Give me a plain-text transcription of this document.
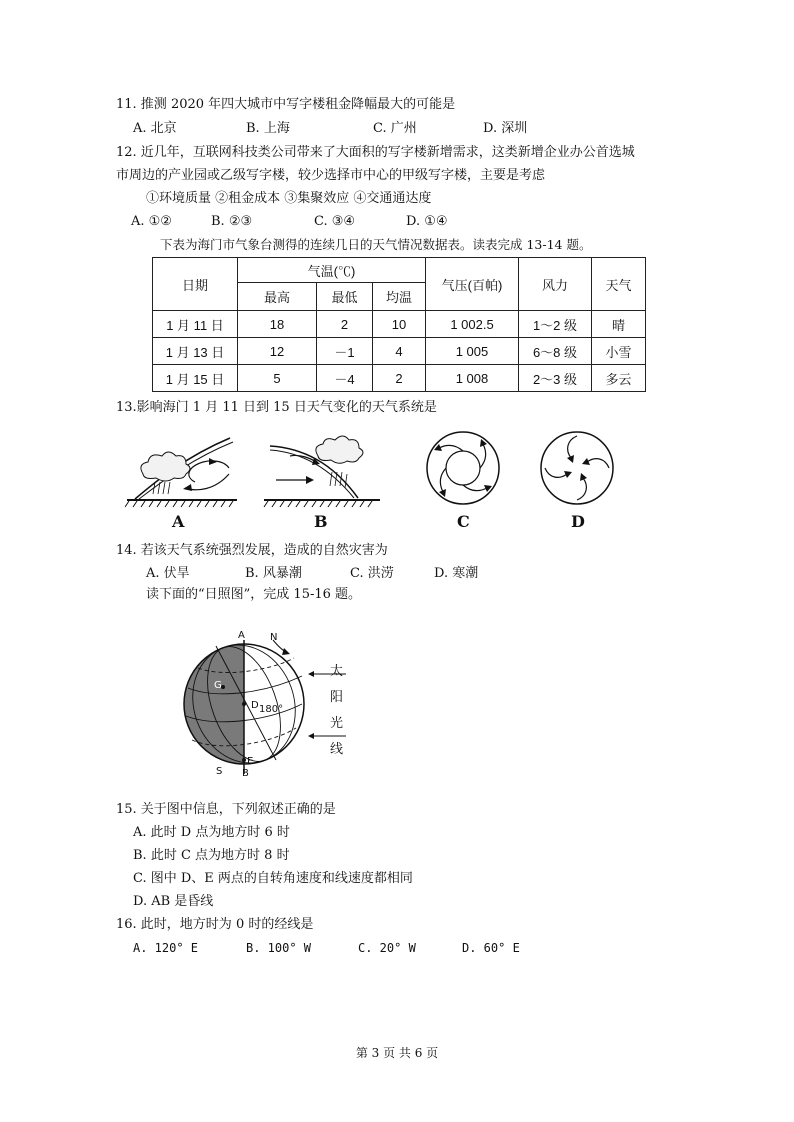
11. 推测 2020 年四大城市中写字楼租金降幅最大的可能是
A. 北京	B. 上海	C. 广州	D. 深圳
12. 近几年，互联网科技类公司带来了大面积的写字楼新增需求，这类新增企业办公首选城
市周边的产业园或乙级写字楼，较少选择市中心的甲级写字楼，主要是考虑
①环境质量 ②租金成本 ③集聚效应 ④交通通达度
A. ①②	B. ②③	C. ③④	D. ①④
下表为海门市气象台测得的连续几日的天气情况数据表。读表完成 13-14 题。
日期	气温(℃)			气压(百帕)	风力	天气
	最高	最低	均温			
1 月 11 日	18	2	10	1 002.5	1～2 级	晴
1 月 13 日	12	－1	4	1 005	6～8 级	小雪
1 月 15 日	5	－4	2	1 008	2～3 级	多云
13.影响海门 1 月 11 日到 15 日天气变化的天气系统是
A	B	C	D
14. 若该天气系统强烈发展，造成的自然灾害为
A. 伏旱	B. 风暴潮	C. 洪涝	D. 寒潮
读下面的“日照图”，完成 15-16 题。
A	N
G
D 180°
E
S B
太
阳
光
线
15. 关于图中信息，下列叙述正确的是
A. 此时 D 点为地方时 6 时
B. 此时 C 点为地方时 8 时
C. 图中 D、E 两点的自转角速度和线速度都相同
D. AB 是昏线
16. 此时，地方时为 0 时的经线是
A. 120° E	B. 100° W	C. 20° W	D. 60° E
第 3 页 共 6 页
